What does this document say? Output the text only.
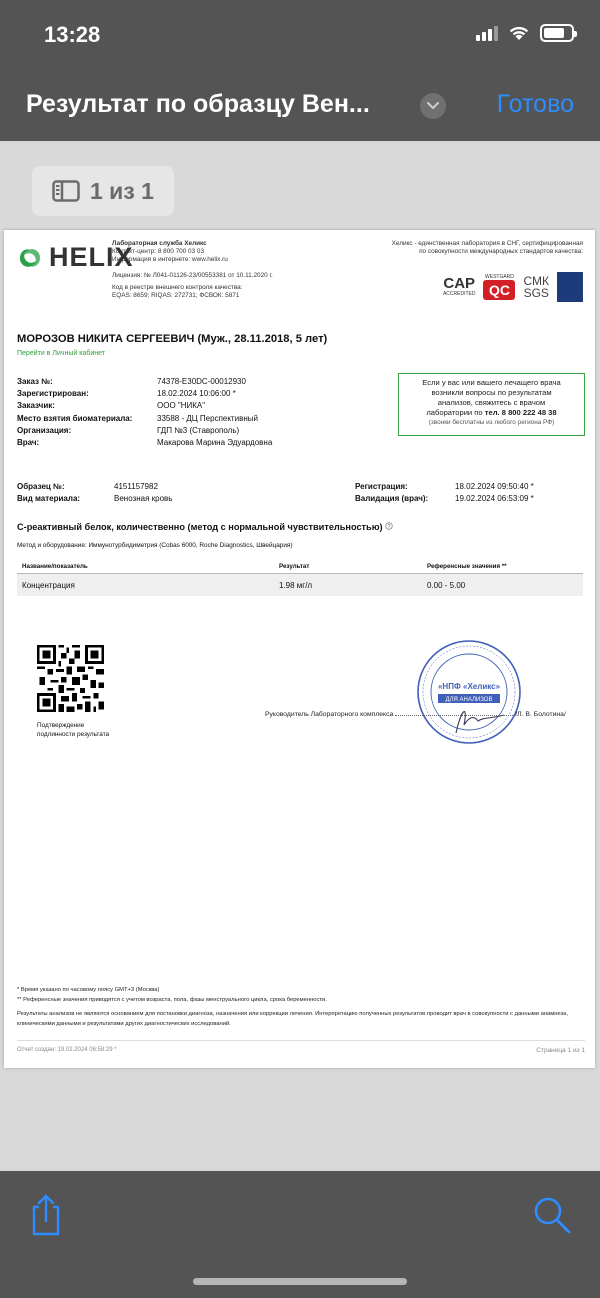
13:28
Результат по образцу Вен...	Готово
1 из 1
HELIX
Лабораторная служба Хеликс
Контакт-центр: 8 800 700 03 03
Информация в интернете: www.helix.ru
Лицензия: № Л041-01126-23/00553381 от 10.11.2020 г.
Код в реестре внешнего контроля качества:
EQAS: 8659; RIQAS: 272731; ФСВОК: 5871
Хеликс - единственная лаборатория в СНГ, сертифицированная по совокупности международных стандартов качества:
CAP
ACCREDITED
WESTGARD
QC
СМК
SGS
МОРОЗОВ НИКИТА СЕРГЕЕВИЧ (Муж., 28.11.2018, 5 лет)
Перейти в Личный кабинет
Заказ №:	74378-E30DC-00012930
Зарегистрирован:	18.02.2024 10:06:00 *
Заказчик:	ООО "НИКА"
Место взятия биоматериала:	33588 - ДЦ Перспективный
Организация:	ГДП №3 (Ставрополь)
Врач:	Макарова Марина Эдуардовна
Если у вас или вашего лечащего врача
возникли вопросы по результатам
анализов, свяжитесь с врачом
лаборатории по тел. 8 800 222 48 38
(звонки бесплатны из любого региона РФ)
Образец №:	4151157982
Вид материала:	Венозная кровь
Регистрация:	18.02.2024 09:50:40 *
Валидация (врач):	19.02.2024 06:53:09 *
С-реактивный белок, количественно (метод с нормальной чувствительностью) ?
Метод и оборудование: Иммунотурбидиметрия (Cobas 6000, Roche Diagnostics, Швейцария)
Название/показатель	Результат	Референсные значения **
Концентрация	1.98 мг/л	0.00 - 5.00
Подтверждение
подлинности результата
«НПФ «Хеликс»
ДЛЯ АНАЛИЗОВ
Руководитель Лабораторного комплекса	/Л. В. Болотина/

* Время указано по часовому поясу GMT+3 (Москва)

** Референсные значения приводятся с учетом возраста, пола, фазы менструального цикла, срока беременности.

Результаты анализов не являются основанием для постановки диагноза, назначения или коррекции лечения. Интерпретацию полученных результатов проводит врач в совокупности с данными анамнеза, клиническими данными и результатами других диагностических исследований.

Отчет создан: 19.02.2024 06:58:29 *	Страница 1 из 1
